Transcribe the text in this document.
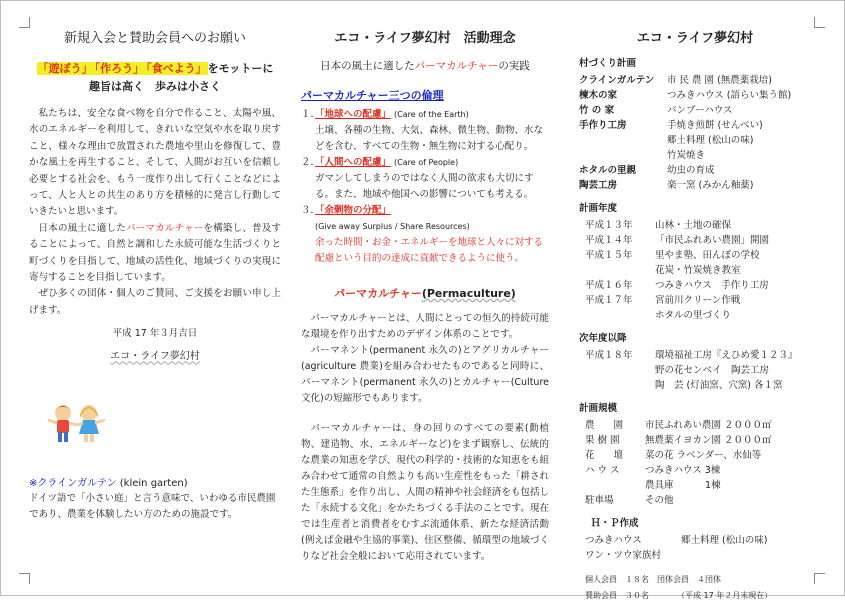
新規入会と賛助会員へのお願い
「遊ぼう」 「作ろう」 「食べよう」をモットーに
趣旨は高く　歩みは小さく

私たちは、安全な食べ物を自分で作ること、太陽や風、水のエネルギーを利用して、きれいな空気や水を取り戻すこと、様々な理由で放置された農地や里山を修復して、豊かな風土を再生すること、そして、人間がお互いを信頼し必要とする社会を、もう一度作り出して行くことなどによって、人と人との共生のあり方を積極的に発言し行動していきたいと思います。

日本の風土に適したパーマカルチャーを構築し、普及することによって、自然と調和した永続可能な生活づくりと町づくりを目指して、地域の活性化、地域づくりの実現に寄与することを目指しています。

ぜひ多くの団体・個人のご賛同、ご支援をお願い申し上げます。

平成 17 年３月吉日
エコ・ライフ夢幻村
※クラインガルテン (klein garten)

ドイツ語で「小さい庭」と言う意味で、いわゆる市民農園であり、農業を体験したい方のための施設です。

エコ・ライフ夢幻村　活動理念
日本の風土に適したパーマカルチャーの実践
パーマカルチャー三つの倫理

１．「地球への配慮」 (Care of the Earth)

土壌、各種の生物、大気、森林、微生物、動物、水などを含む、すべての生物・無生物に対する心配り。

２．「人間への配慮」 (Care of People)

ガマンしてしまうのではなく人間の欲求も大切にする。また、地域や他国への影響についても考える。

３．「余剰物の分配」

(Give away Surplus / Share Resources)

余った時間・お金・エネルギーを地球と人々に対する配慮という目的の達成に貢献できるように使う。

パーマカルチャー(Permaculture)

パーマカルチャーとは、人間にとっての恒久的持続可能な環境を作り出すためのデザイン体系のことです。

パーマネント(permanent 永久の)とアグリカルチャー(agriculture 農業)を組み合わせたものであると同時に、パーマネント(permanent 永久の)とカルチャー(Culture 文化)の短縮形でもあります。

パーマカルチャーは、身の回りのすべての要素(動植物、建造物、水、エネルギーなど)をまず観察し、伝統的な農業の知恵を学び、現代の科学的・技術的な知恵をも組み合わせて通常の自然よりも高い生産性をもった「耕された生態系」を作り出し、人間の精神や社会経済をも包括した「永続する文化」をかたちづくる手法のことです。現在では生産者と消費者をむすぶ流通体系、新たな経済活動(例えば金融や生協的事業)、住区整備、循環型の地域づくりなど社会全般において応用されています。

エコ・ライフ夢幻村
村づくり計画
クラインガルテン 市 民 農 園 (無農薬栽培)
楝木の家	つみきハウス (語らい集う館)
竹 の 家	バンブーハウス
手作り工房	手焼き煎餅 (せんべい)
郷土料理 (松山の味)
竹炭焼き
ホタルの里親	幼虫の育成
陶芸工房	楽一窯 (みかん釉薬)
計画年度
平成１３年 山林・土地の確保
平成１４年 「市民ふれあい農園」開園
平成１５年 里やま塾、田んぼの学校
花炭・竹炭焼き教室
平成１６年 つみきハウス　手作り工房
平成１７年 宮前川クリーン作戦
ホタルの里づくり
次年度以降
平成１８年 環境福祉工房『えひめ愛１２３』
野の花センベイ　陶芸工房
陶　芸 (灯油窯、穴窯) 各１窯
計画規模
農　　園 市民ふれあい農園 ２０００㎡
果 樹 園	無農薬イヨカン園 ２０００㎡
花　　壇 菜の花 ラベンダー、水仙等
ハ ウ ス	つみきハウス 3棟
農具庫　　　 1棟
駐車場	その他
Ｈ・Ｐ作成
つみきハウス	郷土料理 (松山の味)
ワン・ツウ家族村
個人会員　１８名　団体会員　４団体
賛助会員　３０名　　　　（平成 17 年２月末現在）
